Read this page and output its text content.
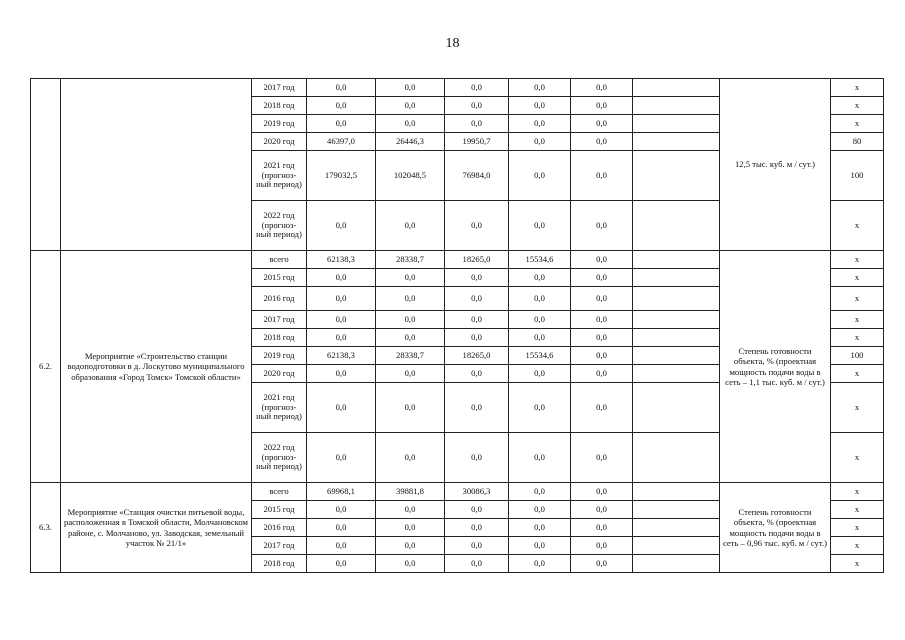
18
		2017 год	0,0	0,0	0,0	0,0	0,0		12,5 тыс. куб. м / сут.)	x
		2018 год	0,0	0,0	0,0	0,0	0,0			x
		2019 год	0,0	0,0	0,0	0,0	0,0			x
		2020 год	46397,0	26446,3	19950,7	0,0	0,0			80
		2021 год (прогноз-ный период)	179032,5	102048,5	76984,0	0,0	0,0			100
		2022 год (прогноз-ный период)	0,0	0,0	0,0	0,0	0,0			x
6.2.	Мероприятие «Строительство станции водоподготовки в д. Лоскутово муниципального образования «Город Томск» Томской области»	всего	62138,3	28338,7	18265,0	15534,6	0,0		Степень готовности объекта, % (проектная мощность подачи воды в сеть – 1,1 тыс. куб. м / сут.)	x
		2015 год	0,0	0,0	0,0	0,0	0,0			x
		2016 год	0,0	0,0	0,0	0,0	0,0			x
		2017 год	0,0	0,0	0,0	0,0	0,0			x
		2018 год	0,0	0,0	0,0	0,0	0,0			x
		2019 год	62138,3	28338,7	18265,0	15534,6	0,0			100
		2020 год	0,0	0,0	0,0	0,0	0,0			x
		2021 год (прогноз-ный период)	0,0	0,0	0,0	0,0	0,0			x
		2022 год (прогноз-ный период)	0,0	0,0	0,0	0,0	0,0			x
6.3.	Мероприятие «Станция очистки питьевой воды, расположенная в Томской области, Молчановском районе, с. Молчаново, ул. Заводская, земельный участок № 21/1»	всего	69968,1	39881,8	30086,3	0,0	0,0		Степень готовности объекта, % (проектная мощность подачи воды в сеть – 0,96 тыс. куб. м / сут.)	x
		2015 год	0,0	0,0	0,0	0,0	0,0			x
		2016 год	0,0	0,0	0,0	0,0	0,0			x
		2017 год	0,0	0,0	0,0	0,0	0,0			x
		2018 год	0,0	0,0	0,0	0,0	0,0			x
